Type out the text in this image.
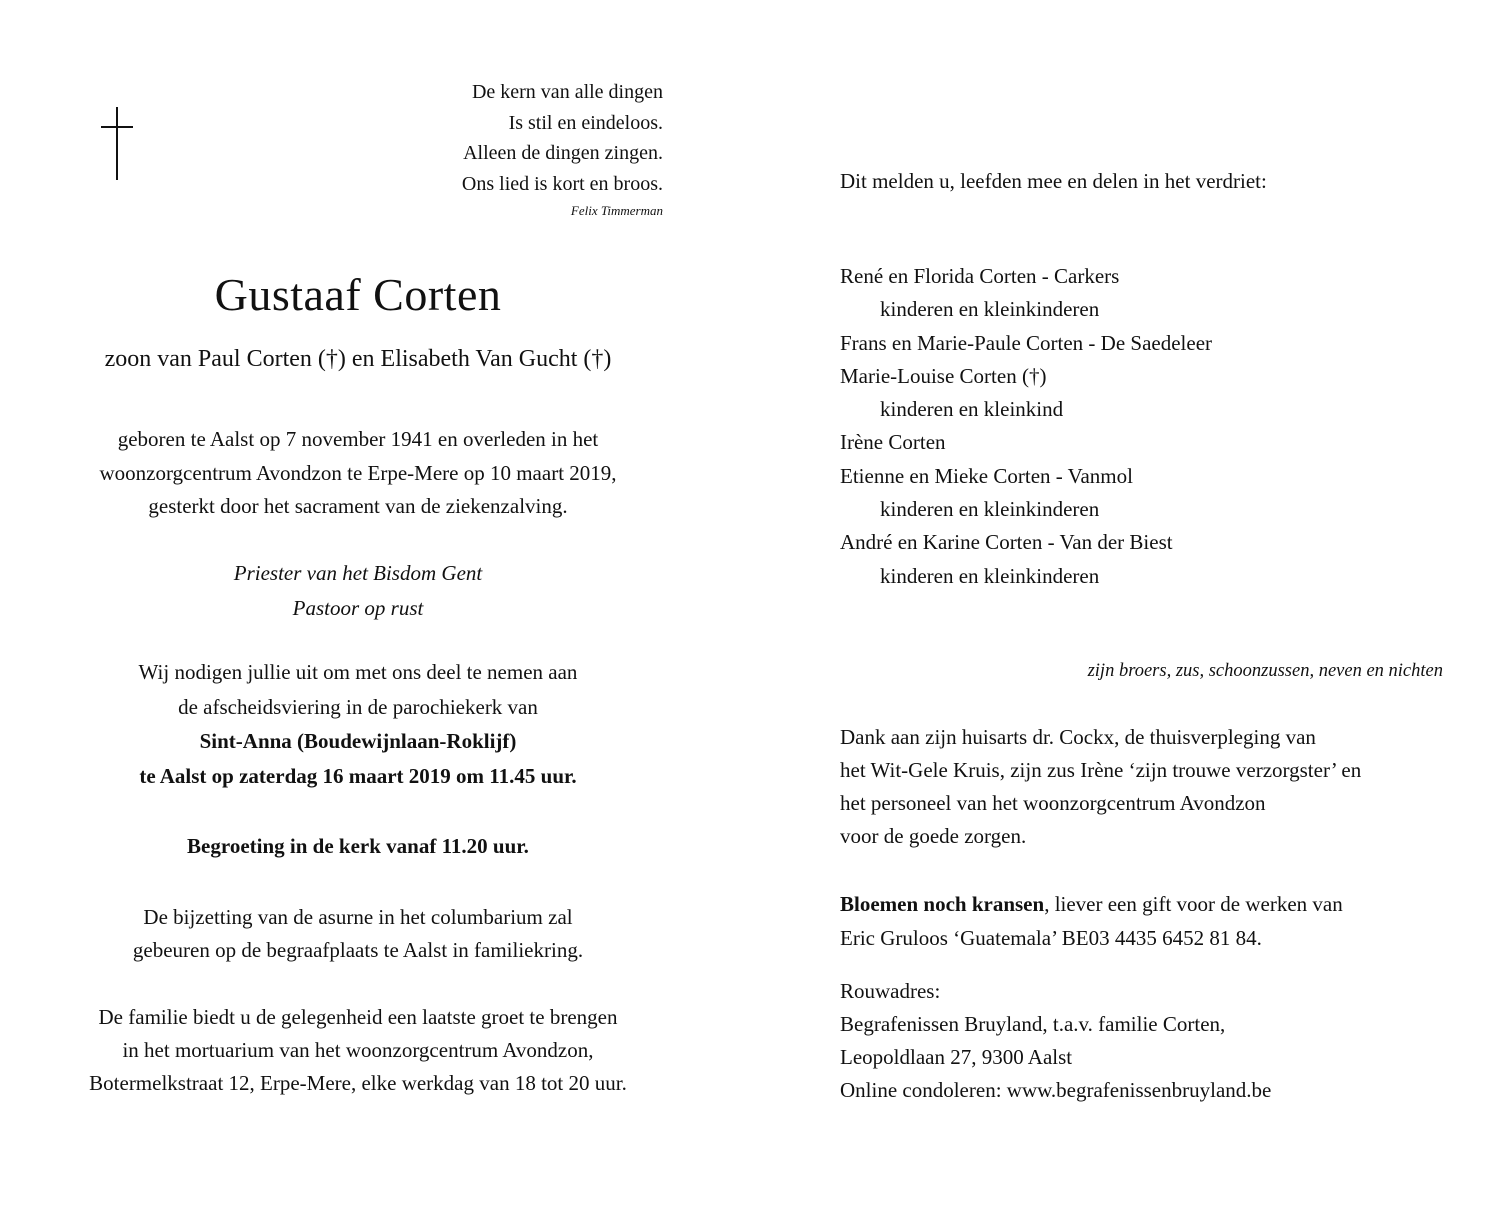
De kern van alle dingen
Is stil en eindeloos.
Alleen de dingen zingen.
Ons lied is kort en broos.
Felix Timmerman
Gustaaf Corten
zoon van Paul Corten (†) en Elisabeth Van Gucht (†)
geboren te Aalst op 7 november 1941 en overleden in het
woonzorgcentrum Avondzon te Erpe-Mere op 10 maart 2019,
gesterkt door het sacrament van de ziekenzalving.
Priester van het Bisdom Gent
Pastoor op rust
Wij nodigen jullie uit om met ons deel te nemen aan
de afscheidsviering in de parochiekerk van
Sint-Anna (Boudewijnlaan-Roklijf)
te Aalst op zaterdag 16 maart 2019 om 11.45 uur.
Begroeting in de kerk vanaf 11.20 uur.
De bijzetting van de asurne in het columbarium zal
gebeuren op de begraafplaats te Aalst in familiekring.
De familie biedt u de gelegenheid een laatste groet te brengen
in het mortuarium van het woonzorgcentrum Avondzon,
Botermelkstraat 12, Erpe-Mere, elke werkdag van 18 tot 20 uur.
Dit melden u, leefden mee en delen in het verdriet:
René en Florida Corten - Carkers
kinderen en kleinkinderen
Frans en Marie-Paule Corten - De Saedeleer
Marie-Louise Corten (†)
kinderen en kleinkind
Irène Corten
Etienne en Mieke Corten - Vanmol
kinderen en kleinkinderen
André en Karine Corten - Van der Biest
kinderen en kleinkinderen
zijn broers, zus, schoonzussen, neven en nichten
Dank aan zijn huisarts dr. Cockx, de thuisverpleging van
het Wit-Gele Kruis, zijn zus Irène ‘zijn trouwe verzorgster’ en
het personeel van het woonzorgcentrum Avondzon
voor de goede zorgen.
Bloemen noch kransen, liever een gift voor de werken van
Eric Gruloos ‘Guatemala’ BE03 4435 6452 81 84.
Rouwadres:
Begrafenissen Bruyland, t.a.v. familie Corten,
Leopoldlaan 27, 9300 Aalst
Online condoleren: www.begrafenissenbruyland.be
